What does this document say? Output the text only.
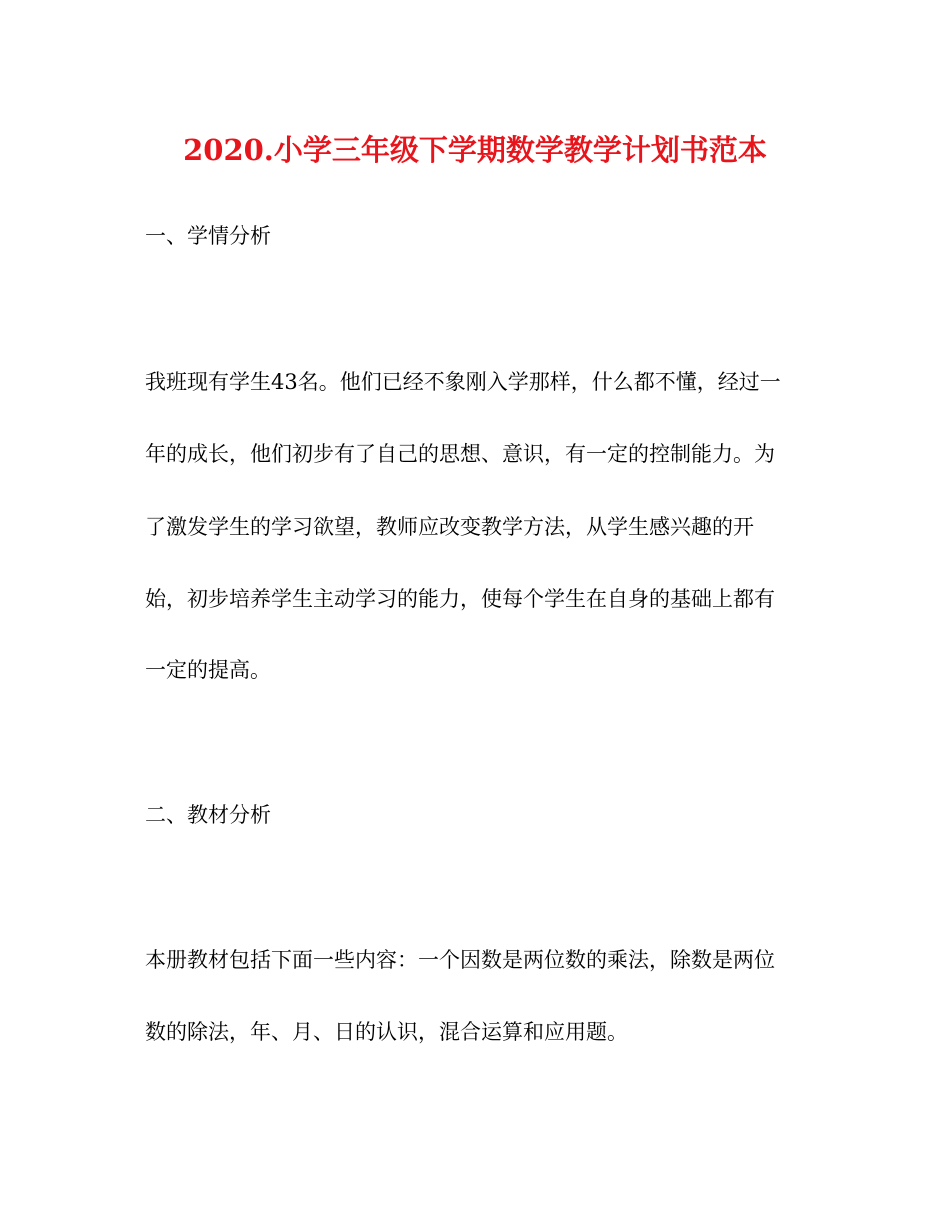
2020.小学三年级下学期数学教学计划书范本
一、学情分析
我班现有学生43名。他们已经不象刚入学那样，什么都不懂，经过一
年的成长，他们初步有了自己的思想、意识，有一定的控制能力。为
了激发学生的学习欲望，教师应改变教学方法，从学生感兴趣的开
始，初步培养学生主动学习的能力，使每个学生在自身的基础上都有
一定的提高。
二、教材分析
本册教材包括下面一些内容：一个因数是两位数的乘法，除数是两位
数的除法，年、月、日的认识，混合运算和应用题。
